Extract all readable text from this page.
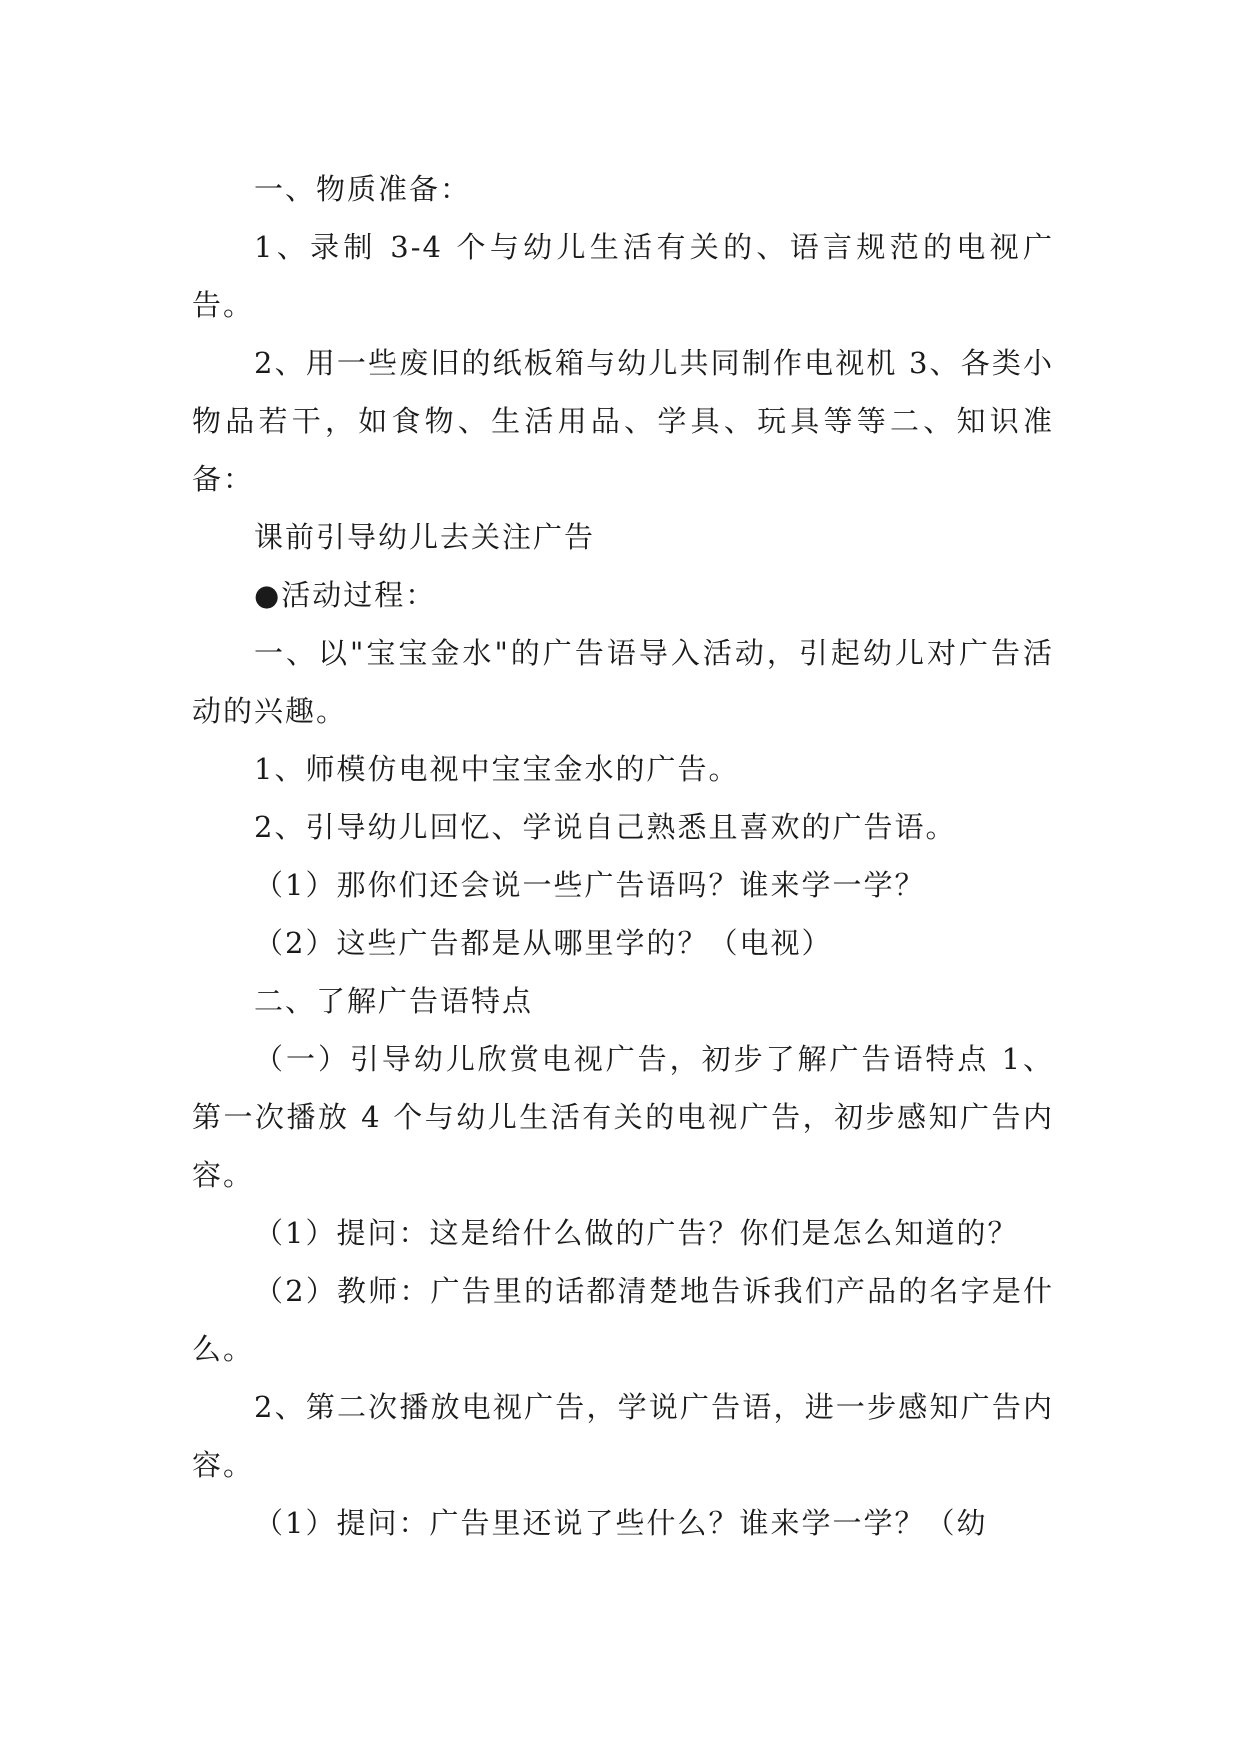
一、物质准备：

1、录制 3-4 个与幼儿生活有关的、语言规范的电视广告。

2、用一些废旧的纸板箱与幼儿共同制作电视机 3、各类小物品若干，如食物、生活用品、学具、玩具等等二、知识准备：

课前引导幼儿去关注广告

●活动过程：

一、以"宝宝金水"的广告语导入活动，引起幼儿对广告活动的兴趣。

1、师模仿电视中宝宝金水的广告。

2、引导幼儿回忆、学说自己熟悉且喜欢的广告语。

（1）那你们还会说一些广告语吗？谁来学一学？

（2）这些广告都是从哪里学的？（电视）

二、了解广告语特点

（一）引导幼儿欣赏电视广告，初步了解广告语特点 1、第一次播放 4 个与幼儿生活有关的电视广告，初步感知广告内容。

（1）提问：这是给什么做的广告？你们是怎么知道的？

（2）教师：广告里的话都清楚地告诉我们产品的名字是什么。

2、第二次播放电视广告，学说广告语，进一步感知广告内容。

（1）提问：广告里还说了些什么？谁来学一学？（幼
